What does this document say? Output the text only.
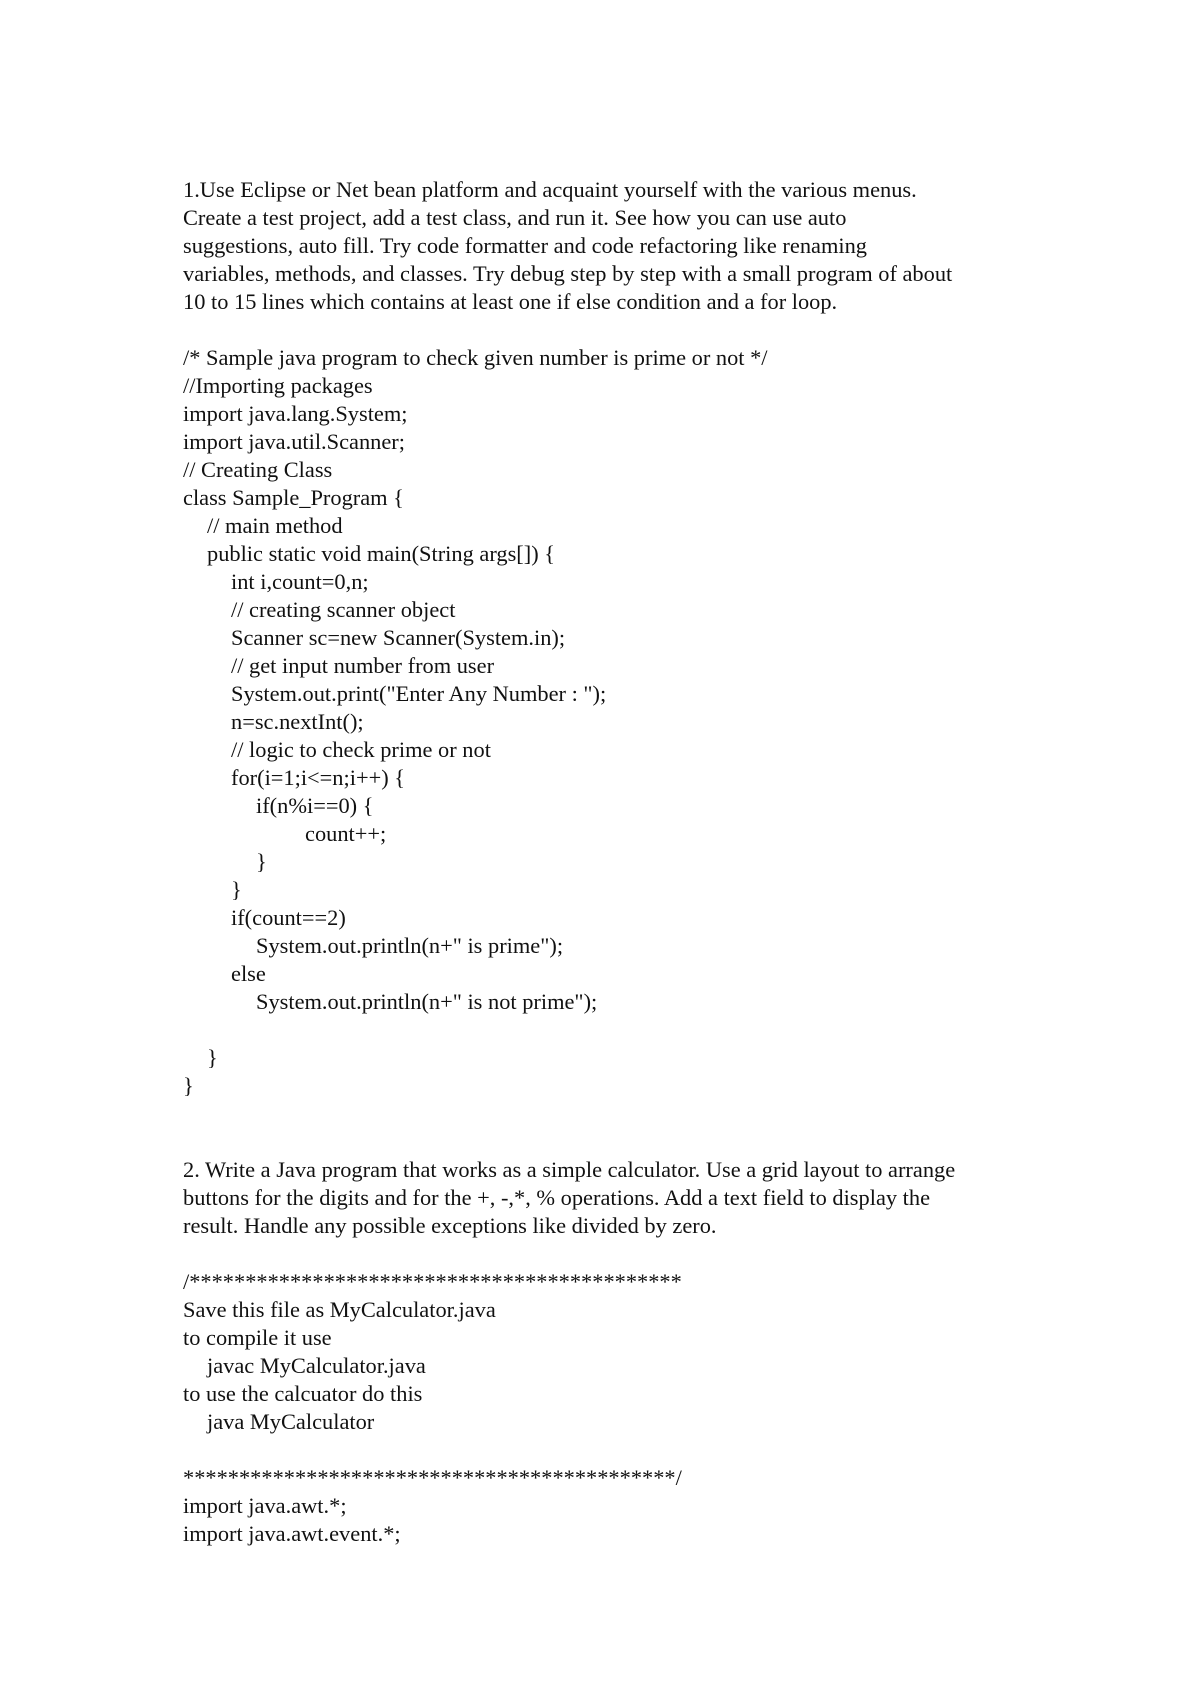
1.Use Eclipse or Net bean platform and acquaint yourself with the various menus.

Create a test project, add a test class, and run it. See how you can use auto

suggestions, auto fill. Try code formatter and code refactoring like renaming

variables, methods, and classes. Try debug step by step with a small program of about

10 to 15 lines which contains at least one if else condition and a for loop.

/* Sample java program to check given number is prime or not */

//Importing packages

import java.lang.System;

import java.util.Scanner;

// Creating Class

class Sample_Program {

// main method

public static void main(String args[]) {

int i,count=0,n;

// creating scanner object

Scanner sc=new Scanner(System.in);

// get input number from user

System.out.print("Enter Any Number : ");

n=sc.nextInt();

// logic to check prime or not

for(i=1;i<=n;i++) {

if(n%i==0) {

count++;

}

}

if(count==2)

System.out.println(n+" is prime");

else

System.out.println(n+" is not prime");

}

}

2. Write a Java program that works as a simple calculator. Use a grid layout to arrange

buttons for the digits and for the +, -,*, % operations. Add a text field to display the

result. Handle any possible exceptions like divided by zero.

/********************************************

Save this file as MyCalculator.java

to compile it use

javac MyCalculator.java

to use the calcuator do this

java MyCalculator

********************************************/

import java.awt.*;

import java.awt.event.*;
